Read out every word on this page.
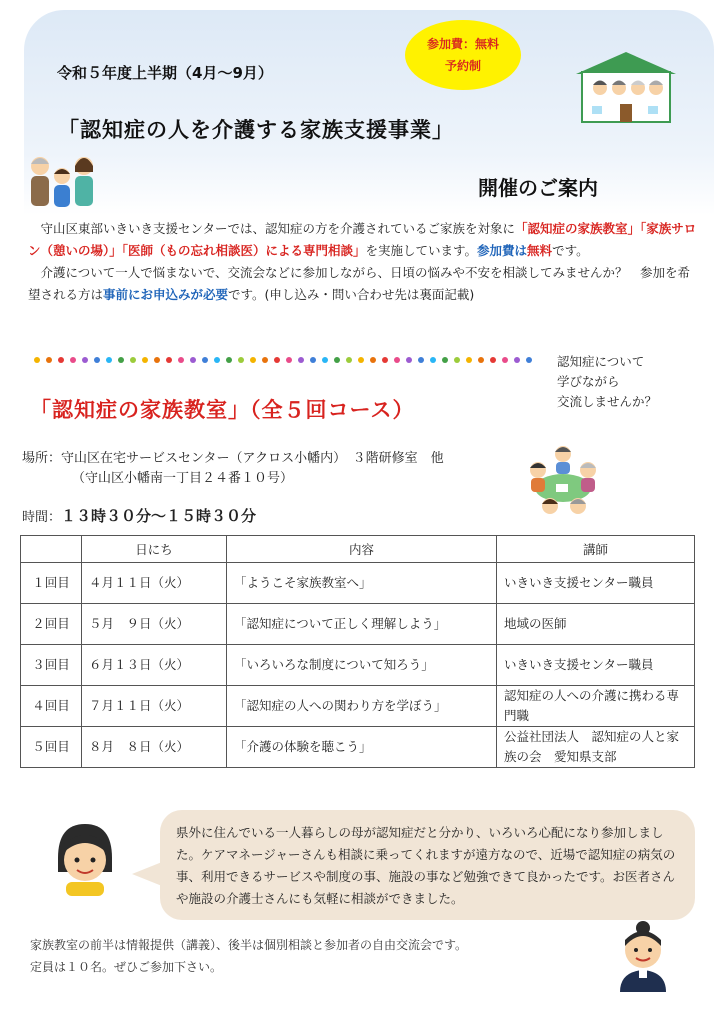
令和５年度上半期（4月～9月）
「認知症の人を介護する家族支援事業」
開催のご案内
参加費：無料
予約制

守山区東部いきいき支援センターでは、認知症の方を介護されているご家族を対象に「認知症の家族教室」「家族サロン（憩いの場）」「医師（もの忘れ相談医）による専門相談」を実施しています。参加費は無料です。

介護について一人で悩まないで、交流会などに参加しながら、日頃の悩みや不安を相談してみませんか？　参加を希望される方は事前にお申込みが必要です。(申し込み・問い合わせ先は裏面記載)

認知症について
学びながら
交流しませんか？
「認知症の家族教室」（全５回コース）
場所：守山区在宅サービスセンター（アクロス小幡内）　３階研修室　他
（守山区小幡南一丁目２４番１０号）
時間：１３時３０分～１５時３０分
	日にち	内容	講師
１回目	４月１１日（火）	「ようこそ家族教室へ」	いきいき支援センター職員
２回目	５月　９日（火）	「認知症について正しく理解しよう」	地域の医師
３回目	６月１３日（火）	「いろいろな制度について知ろう」	いきいき支援センター職員
４回目	７月１１日（火）	「認知症の人への関わり方を学ぼう」	認知症の人への介護に携わる専門職
５回目	８月　８日（火）	「介護の体験を聴こう」	公益社団法人　認知症の人と家族の会　愛知県支部
県外に住んでいる一人暮らしの母が認知症だと分かり、いろいろ心配になり参加しました。ケアマネージャーさんも相談に乗ってくれますが遠方なので、近場で認知症の病気の事、利用できるサービスや制度の事、施設の事など勉強できて良かったです。お医者さんや施設の介護士さんにも気軽に相談ができました。
家族教室の前半は情報提供（講義）、後半は個別相談と参加者の自由交流会です。
定員は１０名。ぜひご参加下さい。
